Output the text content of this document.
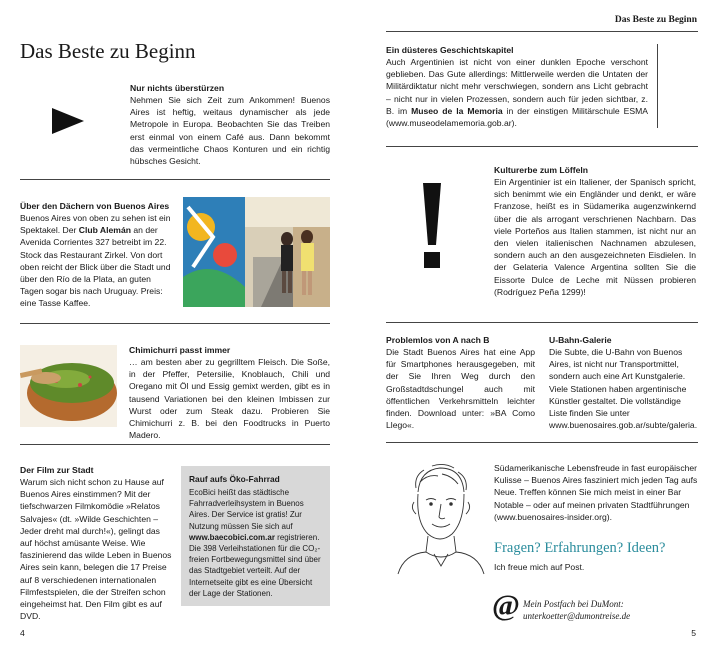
Das Beste zu Beginn
Nur nichts überstürzen
Nehmen Sie sich Zeit zum Ankommen! Buenos Aires ist heftig, weitaus dynamischer als jede Metropole in Europa. Beobachten Sie das Treiben erst einmal von einem Café aus. Dann bekommt das vermeintliche Chaos Konturen und ein richtig hübsches Gesicht.
Über den Dächern von Buenos Aires
Buenos Aires von oben zu sehen ist ein Spektakel. Der Club Alemán an der Avenida Corrientes 327 betreibt im 22. Stock das Restaurant Zirkel. Von dort oben reicht der Blick über die Stadt und über den Río de la Plata, an guten Tagen sogar bis nach Uruguay. Preis: eine Tasse Kaffee.
Chimichurri passt immer
… am besten aber zu gegrilltem Fleisch. Die Soße, in der Pfeffer, Petersilie, Knoblauch, Chili und Oregano mit Öl und Essig gemixt werden, gibt es in tausend Variationen bei den kleinen Imbissen zur Wurst oder zum Steak dazu. Probieren Sie Chimichurri z. B. bei den Foodtrucks in Puerto Madero.
Der Film zur Stadt
Warum sich nicht schon zu Hause auf Buenos Aires einstimmen? Mit der tiefschwarzen Filmkomödie »Relatos Salvajes« (dt. »Wilde Geschichten – Jeder dreht mal durch!«), gelingt das auf höchst amüsante Weise. Wie faszinierend das wilde Leben in Buenos Aires sein kann, belegen die 17 Preise auf 8 verschiedenen internationalen Filmfestspielen, die der Streifen schon eingeheimst hat. Den Film gibt es auf DVD.
Rauf aufs Öko-Fahrrad
EcoBici heißt das städtische Fahrradverleihsystem in Buenos Aires. Der Service ist gratis! Zur Nutzung müssen Sie sich auf www.baecobici.com.ar registrieren. Die 398 Verleihstationen für die CO₂-freien Fortbewegungsmittel sind über das Stadtgebiet verteilt. Auf der Internetseite gibt es eine Übersicht der Lage der Stationen.
4
Das Beste zu Beginn
Ein düsteres Geschichtskapitel
Auch Argentinien ist nicht von einer dunklen Epoche verschont geblieben. Das Gute allerdings: Mittlerweile werden die Untaten der Militärdiktatur nicht mehr verschwiegen, sondern ans Licht gebracht – nicht nur in vielen Prozessen, sondern auch für jeden sichtbar, z. B. im Museo de la Memoria in der einstigen Militärschule ESMA (www.museodelamemoria.gob.ar).
Kulturerbe zum Löffeln
Ein Argentinier ist ein Italiener, der Spanisch spricht, sich benimmt wie ein Engländer und denkt, er wäre Franzose, heißt es in Südamerika augenzwinkernd über die als arrogant verschrienen Nachbarn. Das viele Porteños aus Italien stammen, ist nicht nur an den vielen italienischen Nachnamen abzulesen, sondern auch an den ausgezeichneten Eisdielen. In der Gelateria Valence Argentina sollten Sie die Eissorte Dulce de Leche mit Nüssen probieren (Rodríguez Peña 1299)!
Problemlos von A nach B
Die Stadt Buenos Aires hat eine App für Smartphones herausgegeben, mit der Sie Ihren Weg durch den Großstadtdschungel auch mit öffentlichen Verkehrsmitteln leichter finden. Download unter: »BA Como Llego«.
U-Bahn-Galerie
Die Subte, die U-Bahn von Buenos Aires, ist nicht nur Transportmittel, sondern auch eine Art Kunstgalerie. Viele Stationen haben argentinische Künstler gestaltet. Die vollständige Liste finden Sie unter www.buenosaires.gob.ar/subte/galeria.
Südamerikanische Lebensfreude in fast europäischer Kulisse – Buenos Aires fasziniert mich jeden Tag aufs Neue. Treffen können Sie mich meist in einer Bar Notable – oder auf meinen privaten Stadtführungen (www.buenosaires-insider.org).
Fragen? Erfahrungen? Ideen?
Ich freue mich auf Post.
@ Mein Postfach bei DuMont:
unterkoetter@dumontreise.de
5
